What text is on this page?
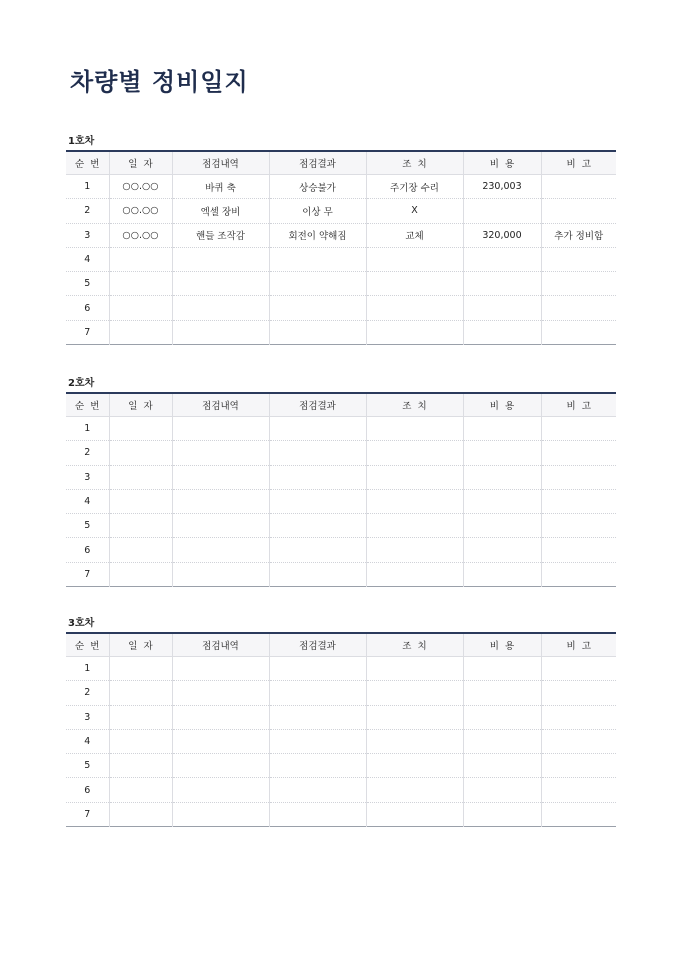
차량별 정비일지
1호차
순  번	일  자	점검내역	점검결과	조  치	비  용	비  고
1	○○.○○	바퀴 축	상승불가	주기장 수리	230,003	
2	○○.○○	엑셀 장비	이상 무	X		
3	○○.○○	핸들 조작감	회전이 약해짐	교체	320,000	추가 정비함
4						
5						
6						
7						
2호차
순  번	일  자	점검내역	점검결과	조  치	비  용	비  고
1						
2						
3						
4						
5						
6						
7						
3호차
순  번	일  자	점검내역	점검결과	조  치	비  용	비  고
1						
2						
3						
4						
5						
6						
7						
